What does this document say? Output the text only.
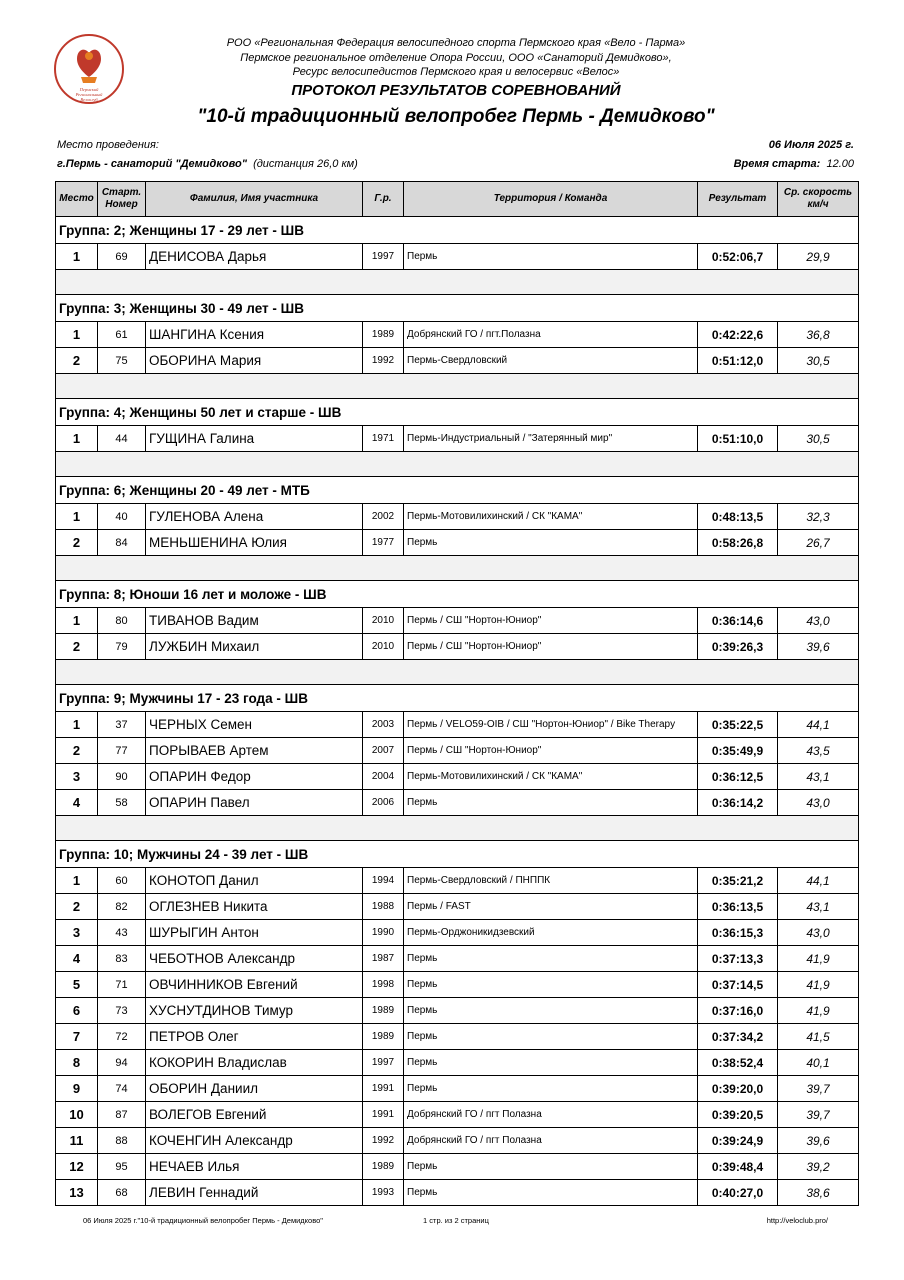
Пермский
Региональный
Велоклуб
РОО «Региональная Федерация велосипедного спорта Пермского края «Вело - Парма»
Пермское региональное отделение Опора России, ООО «Санаторий Демидково»,
Ресурс велосипедистов Пермского края и велосервис «Велос»
ПРОТОКОЛ РЕЗУЛЬТАТОВ СОРЕВНОВАНИЙ
"10-й традиционный велопробег Пермь - Демидково"
Место проведения:
г.Пермь - санаторий "Демидково" (дистанция 26,0 км)
06 Июля 2025 г.
Время старта: 12.00
Место	Старт. Номер	Фамилия, Имя участника	Г.р.	Территория / Команда	Результат	Ср. скорость км/ч
Группа: 2; Женщины 17 - 29 лет - ШВ						
1	69	ДЕНИСОВА Дарья	1997	Пермь	0:52:06,7	29,9

Группа: 3; Женщины 30 - 49 лет - ШВ						
1	61	ШАНГИНА Ксения	1989	Добрянский ГО / пгт.Полазна	0:42:22,6	36,8
2	75	ОБОРИНА Мария	1992	Пермь-Свердловский	0:51:12,0	30,5

Группа: 4; Женщины 50 лет и старше - ШВ						
1	44	ГУЩИНА Галина	1971	Пермь-Индустриальный / "Затерянный мир"	0:51:10,0	30,5

Группа: 6; Женщины 20 - 49 лет - МТБ						
1	40	ГУЛЕНОВА Алена	2002	Пермь-Мотовилихинский / СК "КАМА"	0:48:13,5	32,3
2	84	МЕНЬШЕНИНА Юлия	1977	Пермь	0:58:26,8	26,7

Группа: 8; Юноши 16 лет и моложе - ШВ						
1	80	ТИВАНОВ Вадим	2010	Пермь / СШ "Нортон-Юниор"	0:36:14,6	43,0
2	79	ЛУЖБИН Михаил	2010	Пермь / СШ "Нортон-Юниор"	0:39:26,3	39,6

Группа: 9; Мужчины 17 - 23 года - ШВ						
1	37	ЧЕРНЫХ Семен	2003	Пермь / VELO59-OIB / СШ "Нортон-Юниор" / Bike Therapy	0:35:22,5	44,1
2	77	ПОРЫВАЕВ Артем	2007	Пермь / СШ "Нортон-Юниор"	0:35:49,9	43,5
3	90	ОПАРИН Федор	2004	Пермь-Мотовилихинский / СК "КАМА"	0:36:12,5	43,1
4	58	ОПАРИН Павел	2006	Пермь	0:36:14,2	43,0

Группа: 10; Мужчины 24 - 39 лет - ШВ						
1	60	КОНОТОП Данил	1994	Пермь-Свердловский / ПНППК	0:35:21,2	44,1
2	82	ОГЛЕЗНЕВ Никита	1988	Пермь / FAST	0:36:13,5	43,1
3	43	ШУРЫГИН Антон	1990	Пермь-Орджоникидзевский	0:36:15,3	43,0
4	83	ЧЕБОТНОВ Александр	1987	Пермь	0:37:13,3	41,9
5	71	ОВЧИННИКОВ Евгений	1998	Пермь	0:37:14,5	41,9
6	73	ХУСНУТДИНОВ Тимур	1989	Пермь	0:37:16,0	41,9
7	72	ПЕТРОВ Олег	1989	Пермь	0:37:34,2	41,5
8	94	КОКОРИН Владислав	1997	Пермь	0:38:52,4	40,1
9	74	ОБОРИН Даниил	1991	Пермь	0:39:20,0	39,7
10	87	ВОЛЕГОВ Евгений	1991	Добрянский ГО / пгт Полазна	0:39:20,5	39,7
11	88	КОЧЕНГИН Александр	1992	Добрянский ГО / пгт Полазна	0:39:24,9	39,6
12	95	НЕЧАЕВ Илья	1989	Пермь	0:39:48,4	39,2
13	68	ЛЕВИН Геннадий	1993	Пермь	0:40:27,0	38,6
06 Июля 2025 г."10-й традиционный велопробег Пермь - Демидково"	1 стр. из 2 страниц	http://veloclub.pro/
